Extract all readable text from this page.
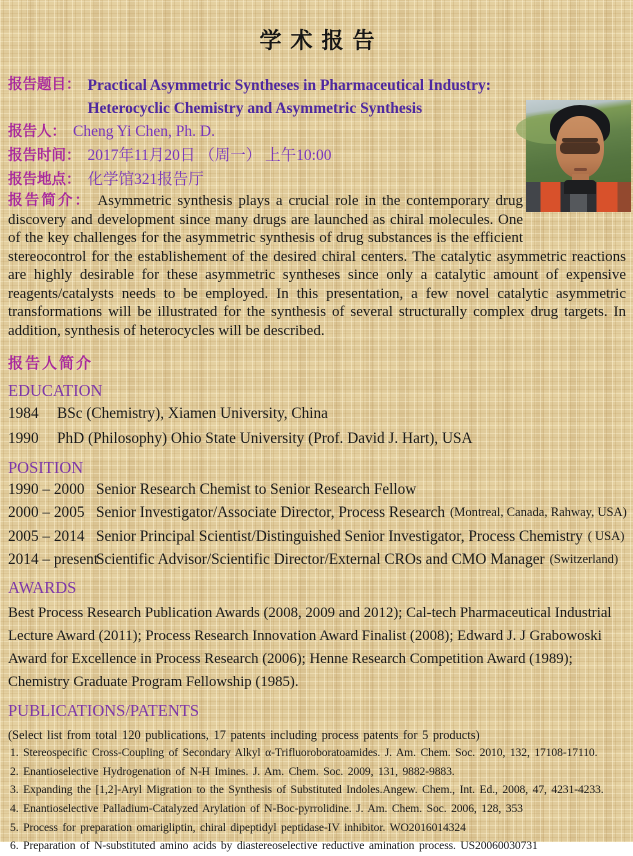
学术报告
报告题目： Practical Asymmetric Syntheses in Pharmaceutical Industry:
Heterocyclic Chemistry and Asymmetric Synthesis
报告人： Cheng Yi Chen, Ph. D.
报告时间： 2017年11月20日 （周一） 上午10:00
报告地点： 化学馆321报告厅

报告简介： Asymmetric synthesis plays a crucial role in the contemporary drug discovery and development since many drugs are launched as chiral molecules. One of the key challenges for the asymmetric synthesis of drug substances is the efficient stereocontrol for the establishement of the desired chiral centers. The catalytic asymmetric reactions are highly desirable for these asymmetric syntheses since only a catalytic amount of expensive reagents/catalysts needs to be employed. In this presentation, a few novel catalytic asymmetric transformations will be illustrated for the synthesis of several structurally complex drug targets. In addition, synthesis of heterocycles will be described.

报告人简介
EDUCATION
1984	BSc (Chemistry), Xiamen University, China
1990	PhD (Philosophy) Ohio State University (Prof. David J. Hart), USA
POSITION
1990 – 2000 Senior Research Chemist to Senior Research Fellow
2000 – 2005 Senior Investigator/Associate Director, Process Research (Montreal, Canada, Rahway, USA)
2005 – 2014 Senior Principal Scientist/Distinguished Senior Investigator, Process Chemistry ( USA)
2014 – present
Scientific Advisor/Scientific Director/External CROs and CMO Manager (Switzerland)
AWARDS

Best Process Research Publication Awards (2008, 2009 and 2012); Cal-tech Pharmaceutical Industrial Lecture Award (2011); Process Research Innovation Award Finalist (2008); Edward J. J Grabowoski Award for Excellence in Process Research (2006); Henne Research Competition Award (1989); Chemistry Graduate Program Fellowship (1985).

PUBLICATIONS/PATENTS
(Select list from total 120 publications, 17 patents including process patents for 5 products)
1. Stereospecific Cross-Coupling of Secondary Alkyl α-Trifluoroboratoamides. J. Am. Chem. Soc. 2010, 132, 17108-17110.
2. Enantioselective Hydrogenation of N-H Imines. J. Am. Chem. Soc. 2009, 131, 9882-9883.
3. Expanding the [1,2]-Aryl Migration to the Synthesis of Substituted Indoles.Angew. Chem., Int. Ed., 2008, 47, 4231-4233.
4. Enantioselective Palladium-Catalyzed Arylation of N-Boc-pyrrolidine. J. Am. Chem. Soc. 2006, 128, 353
5. Process for preparation omarigliptin, chiral dipeptidyl peptidase-IV inhibitor. WO2016014324
6. Preparation of N-substituted amino acids by diastereoselective reductive amination process. US20060030731
